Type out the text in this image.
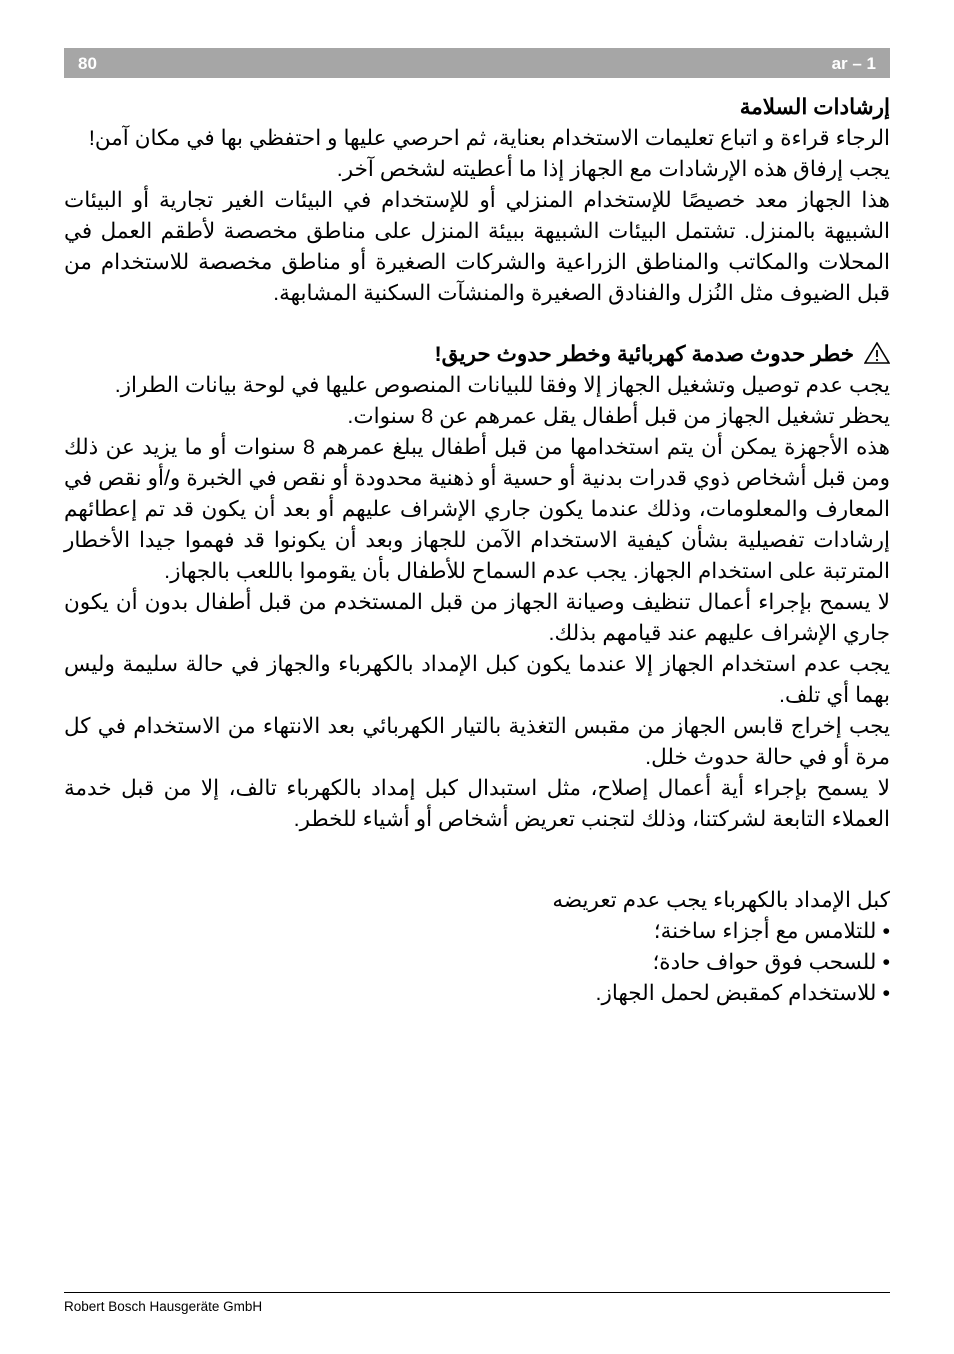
80	ar – 1

إرشادات السلامة

الرجاء قراءة و اتباع تعليمات الاستخدام بعناية، ثم احرصي عليها و احتفظي بها في مكان آمن!

يجب إرفاق هذه الإرشادات مع الجهاز إذا ما أعطيته لشخص آخر.

هذا الجهاز معد خصيصًا للإستخدام المنزلي أو للإستخدام في البيئات الغير تجارية أو البيئات الشبيهة بالمنزل. تشتمل البيئات الشبيهة ببيئة المنزل على مناطق مخصصة لأطقم العمل في المحلات والمكاتب والمناطق الزراعية والشركات الصغيرة أو مناطق مخصصة للاستخدام من قبل الضيوف مثل النُزل والفنادق الصغيرة والمنشآت السكنية المشابهة.

خطر حدوث صدمة كهربائية وخطر حدوث حريق!

يجب عدم توصيل وتشغيل الجهاز إلا وفقا للبيانات المنصوص عليها في لوحة بيانات الطراز.

يحظر تشغيل الجهاز من قبل أطفال يقل عمرهم عن 8 سنوات.

هذه الأجهزة يمكن أن يتم استخدامها من قبل أطفال يبلغ عمرهم 8 سنوات أو ما يزيد عن ذلك ومن قبل أشخاص ذوي قدرات بدنية أو حسية أو ذهنية محدودة أو نقص في الخبرة و/أو نقص في المعارف والمعلومات، وذلك عندما يكون جاري الإشراف عليهم أو بعد أن يكون قد تم إعطائهم إرشادات تفصيلية بشأن كيفية الاستخدام الآمن للجهاز وبعد أن يكونوا قد فهموا جيدا الأخطار المترتبة على استخدام الجهاز. يجب عدم السماح للأطفال بأن يقوموا باللعب بالجهاز.

لا يسمح بإجراء أعمال تنظيف وصيانة الجهاز من قبل المستخدم من قبل أطفال بدون أن يكون جاري الإشراف عليهم عند قيامهم بذلك.

يجب عدم استخدام الجهاز إلا عندما يكون كبل الإمداد بالكهرباء والجهاز في حالة سليمة وليس بهما أي تلف.

يجب إخراج قابس الجهاز من مقبس التغذية بالتيار الكهربائي بعد الانتهاء من الاستخدام في كل مرة أو في حالة حدوث خلل.

لا يسمح بإجراء أية أعمال إصلاح، مثل استبدال كبل إمداد بالكهرباء تالف، إلا من قبل خدمة العملاء التابعة لشركتنا، وذلك لتجنب تعريض أشخاص أو أشياء للخطر.

كبل الإمداد بالكهرباء يجب عدم تعريضه

•للتلامس مع أجزاء ساخنة؛

•للسحب فوق حواف حادة؛

•للاستخدام كمقبض لحمل الجهاز.

Robert Bosch Hausgeräte GmbH
